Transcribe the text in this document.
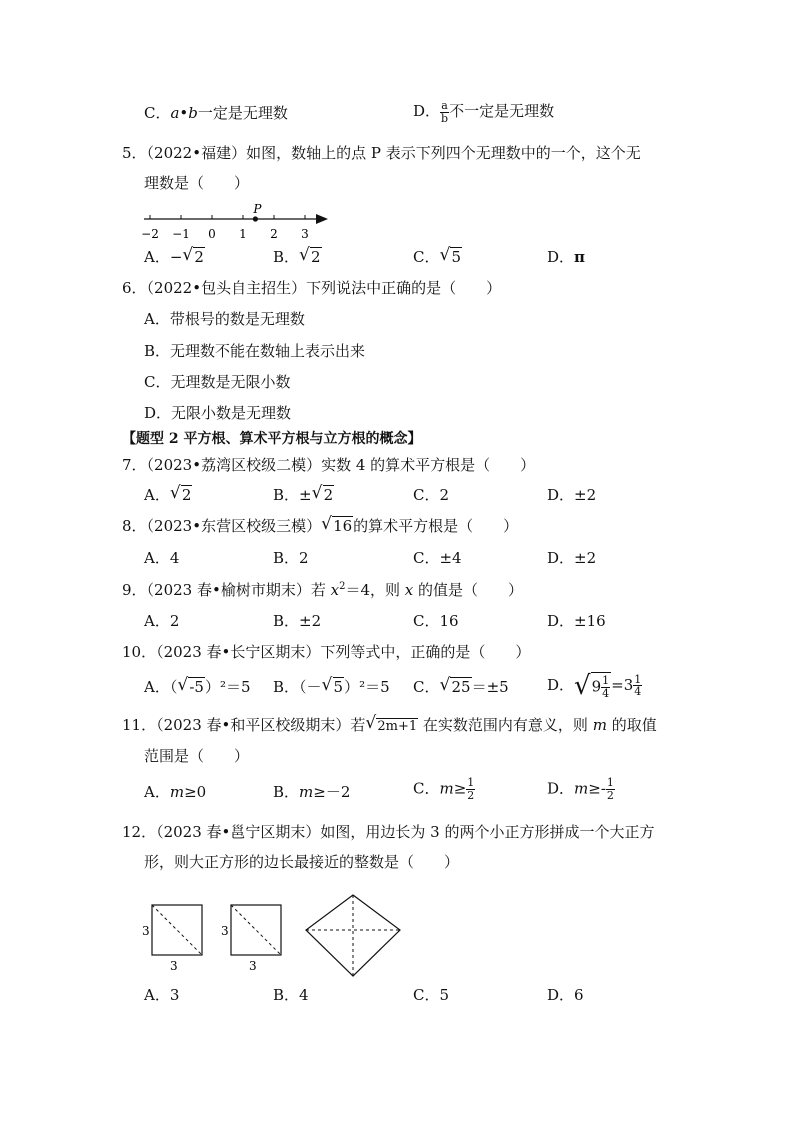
C．a•b一定是无理数	D． $\frac{a}{b}$ 不一定是无理数
5．（2022•福建）如图，数轴上的点 P 表示下列四个无理数中的一个，这个无
理数是（　　）
−2 −1 0 1 2 3
P
A．− √ 2	B． √ 2	C． √ 5	D．π
6．（2022•包头自主招生）下列说法中正确的是（　　）
A．带根号的数是无理数
B．无理数不能在数轴上表示出来
C．无理数是无限小数
D．无限小数是无理数
【题型 2 平方根、算术平方根与立方根的概念】
7．（2023•荔湾区校级二模）实数 4 的算术平方根是（　　）
A． √ 2	B．± √ 2	C．2	D．±2
8．（2023•东营区校级三模） √ 16的算术平方根是（　　）
A．4	B．2	C．±4	D．±2
9．（2023 春•榆树市期末）若 $x^2=4$，则 x 的值是（　　）
A．2	B．±2	C．16	D．±16
10．（2023 春•长宁区期末）下列等式中，正确的是（　　）
A．（ √ -5）²＝5 B．（－ √ 5）²＝5 C． √ 25＝±5	D．$√9 \frac{1}{4} =3 \frac{1}{4}$
11．（2023 春•和平区校级期末）若 √ 2m+1 在实数范围内有意义，则 m 的取值
范围是（　　）
A．m≥0	B．m≥－2	C．$m\ge \frac{1}{2}$	D．$m\ge- \frac{1}{2}$
12．（2023 春•邕宁区期末）如图，用边长为 3 的两个小正方形拼成一个大正方
形，则大正方形的边长最接近的整数是（　　）
3
3
3
3
A．3	B．4	C．5	D．6
